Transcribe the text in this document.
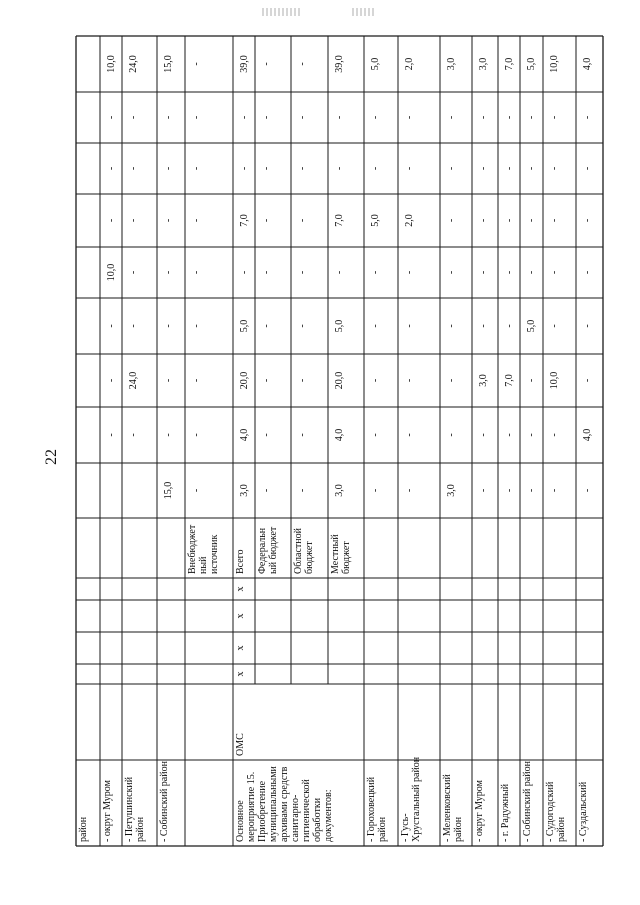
22
район - округ Муром
-
-
-
10,0
-
-
-
10,0
- Петушинский район
-
24,0
-
-
-
-
-
24,0
- Собинский район
15,0
-
-
-
-
-
-
-
15,0
Внебюджет ный источник
-
-
-
-
-
-
-
-
-
Основное мероприятие 15. Приобретение муниципальными архивами средств санитарно- гигиенической обработки документов:
ОМС
x
x
x
x
Всего
3,0
4,0
20,0
5,0
-
7,0
-
-
39,0
Федеральн ый бюджет
-
-
-
-
-
-
-
-
-
Областной бюджет
-
-
-
-
-
-
-
-
-
Местный бюджет
3,0
4,0
20,0
5,0
-
7,0
-
-
39,0
- Гороховецкий район
-
-
-
-
-
5,0
-
-
5,0
- Гусь- Хрустальный район
-
-
-
-
-
2,0
-
-
2,0
- Меленковский район
3,0
-
-
-
-
-
-
-
3,0
- округ Муром
-
-
3,0
-
-
-
-
-
3,0
- г. Радужный
-
-
7,0
-
-
-
-
-
7,0
- Собинский район
-
-
-
5,0
-
-
-
-
5,0
- Судогодский район
-
-
10,0
-
-
-
-
-
10,0
- Суздальский
-
4,0
-
-
-
-
-
-
4,0
